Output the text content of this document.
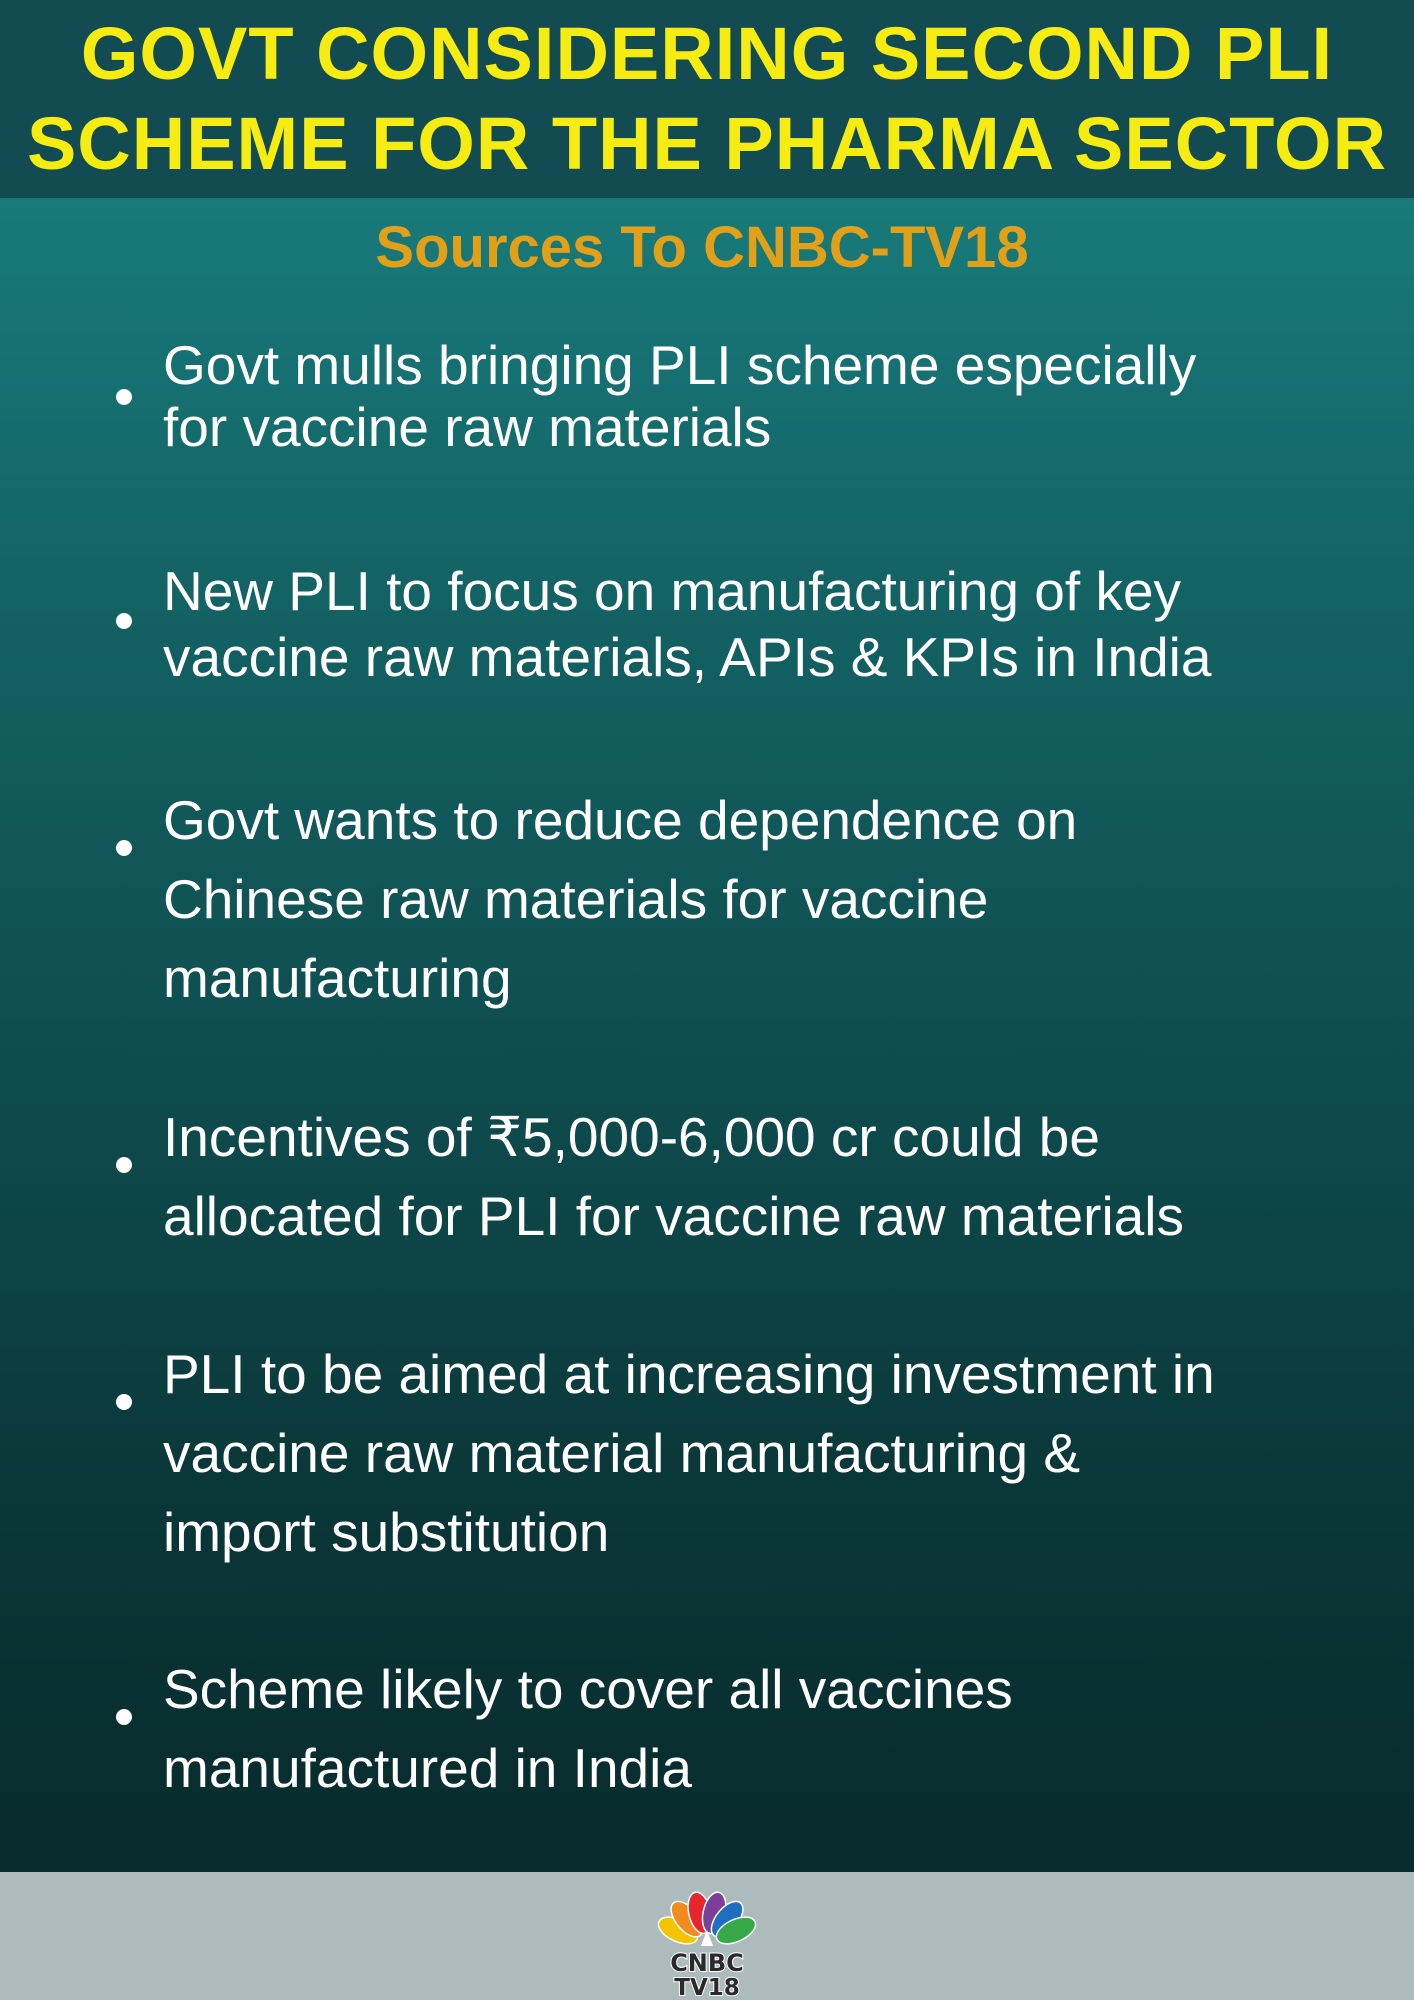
GOVT CONSIDERING SECOND PLI
SCHEME FOR THE PHARMA SECTOR
Sources To CNBC-TV18

Govt mulls bringing PLI scheme especially
for vaccine raw materials

New PLI to focus on manufacturing of key
vaccine raw materials, APIs & KPIs in India

Govt wants to reduce dependence on
Chinese raw materials for vaccine
manufacturing

Incentives of ₹5,000-6,000 cr could be
allocated for PLI for vaccine raw materials

PLI to be aimed at increasing investment in
vaccine raw material manufacturing &
import substitution

Scheme likely to cover all vaccines
manufactured in India

CNBC
TV18
